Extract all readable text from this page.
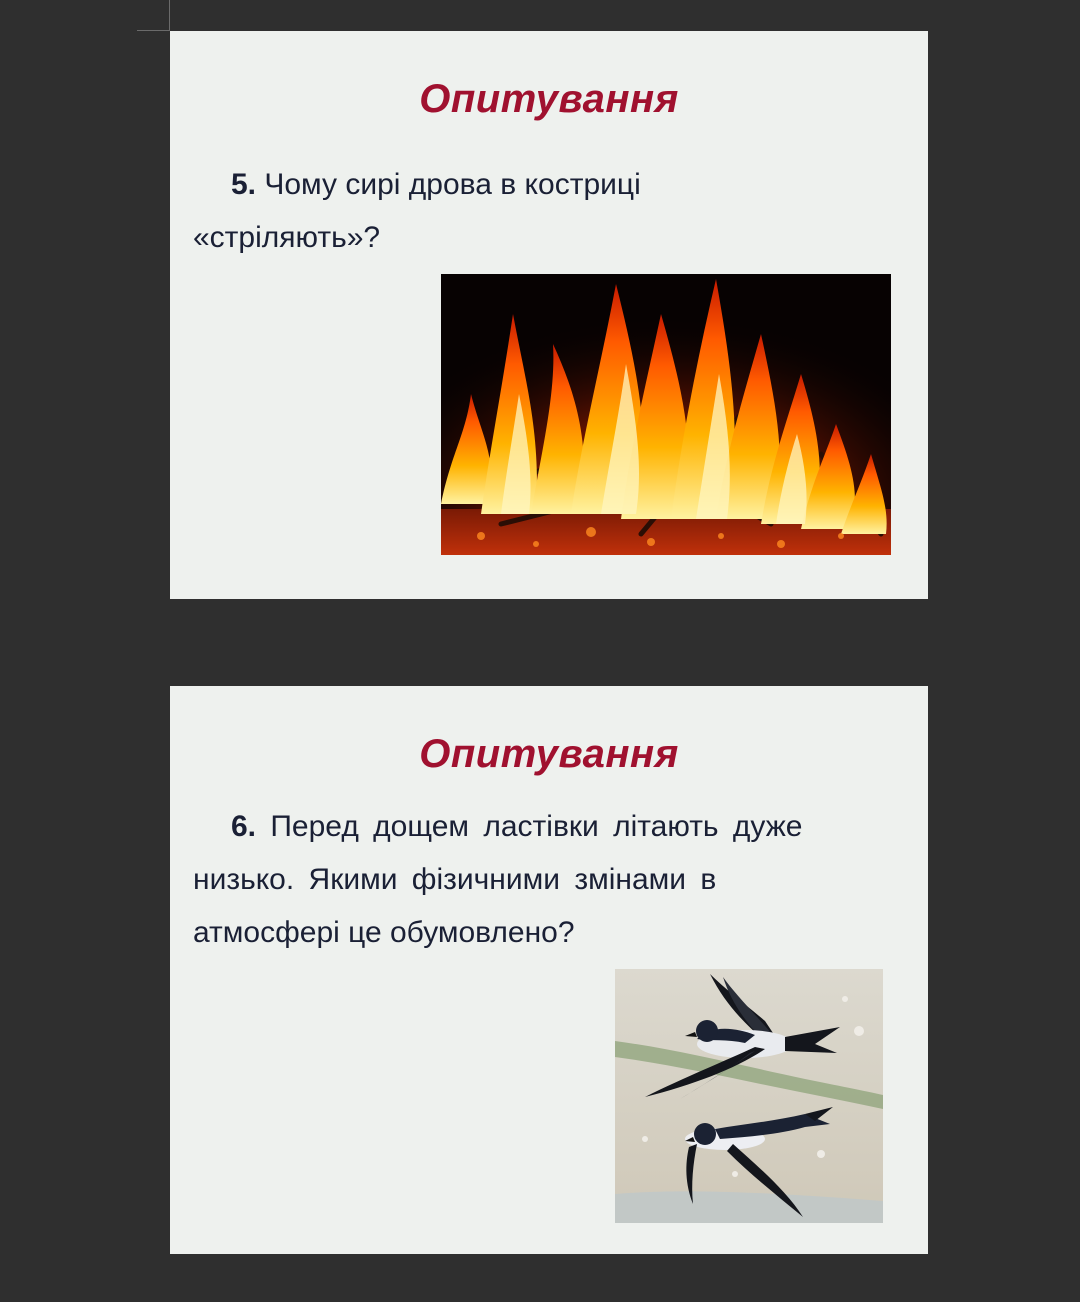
Опитування
5. Чому сирі дрова в костриці
«стріляють»?
Опитування
6. Перед дощем ластівки літають дуже
низько. Якими фізичними змінами в
атмосфері це обумовлено?
